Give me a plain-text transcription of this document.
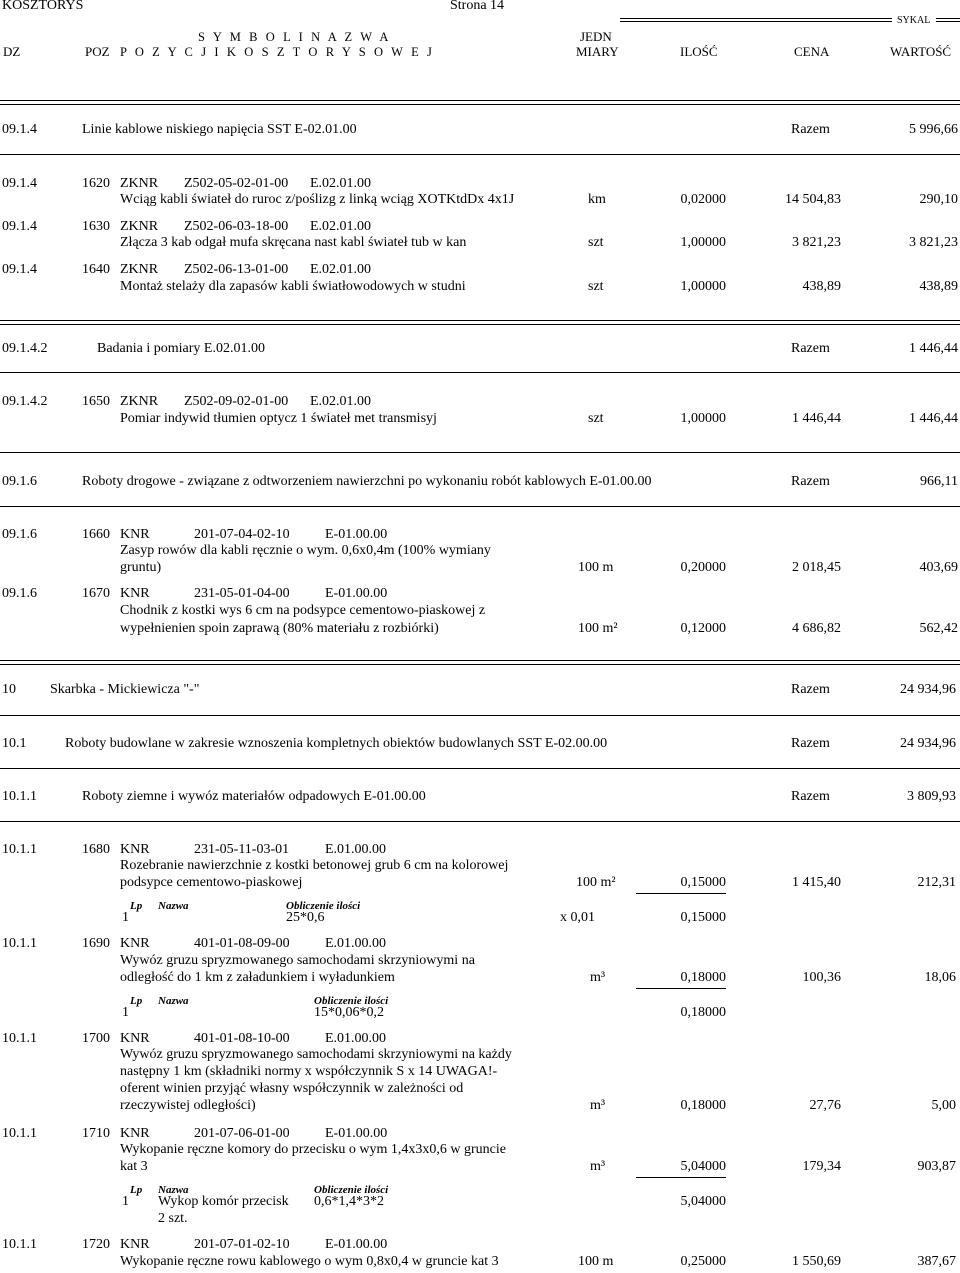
KOSZTORYS	Strona 14
SYKAL
S Y M B O L I N A Z W A
P O Z Y C J I K O S Z T O R Y S O W E J
DZ	POZ
JEDN
MIARY	ILOŚĆ	CENA	WARTOŚĆ
09.1.4	Linie kablowe niskiego napięcia SST E-02.01.00	Razem	5 996,66
09.1.4	1620 ZKNR Z502-05-02-01-00 E.02.01.00
Wciąg kabli świateł do ruroc z/poślizg z linką wciąg XOTKtdDx 4x1J	km	0,02000	14 504,83	290,10
09.1.4	1630 ZKNR Z502-06-03-18-00 E.02.01.00
Złącza 3 kab odgał mufa skręcana nast kabl świateł tub w kan	szt	1,00000	3 821,23	3 821,23
09.1.4	1640 ZKNR Z502-06-13-01-00 E.02.01.00
Montaż stelaży dla zapasów kabli światłowodowych w studni	szt	1,00000	438,89	438,89
09.1.4.2	Badania i pomiary E.02.01.00	Razem	1 446,44
09.1.4.2 1650 ZKNR Z502-09-02-01-00 E.02.01.00
Pomiar indywid tłumien optycz 1 świateł met transmisyj	szt	1,00000	1 446,44	1 446,44
09.1.6	Roboty drogowe - związane z odtworzeniem nawierzchni po wykonaniu robót kablowych E-01.00.00	Razem	966,11
09.1.6	1660 KNR	201-07-04-02-10	E-01.00.00
Zasyp rowów dla kabli ręcznie o wym. 0,6x0,4m (100% wymiany
gruntu)	100 m	0,20000	2 018,45	403,69
09.1.6	1670 KNR	231-05-01-04-00	E-01.00.00
Chodnik z kostki wys 6 cm na podsypce cementowo-piaskowej z
wypełnienien spoin zaprawą (80% materiału z rozbiórki)	100 m²	0,12000	4 686,82	562,42
10 Skarbka - Mickiewicza "-"	Razem	24 934,96
10.1	Roboty budowlane w zakresie wznoszenia kompletnych obiektów budowlanych SST E-02.00.00	Razem	24 934,96
10.1.1	Roboty ziemne i wywóz materiałów odpadowych E-01.00.00	Razem	3 809,93
10.1.1	1680 KNR	231-05-11-03-01	E.01.00.00
Rozebranie nawierzchnie z kostki betonowej grub 6 cm na kolorowej
podsypce cementowo-piaskowej	100 m²	0,15000	1 415,40	212,31
Lp Nazwa	Obliczenie ilości
1	25*0,6	x 0,01	0,15000
10.1.1	1690 KNR	401-01-08-09-00	E.01.00.00
Wywóz gruzu spryzmowanego samochodami skrzyniowymi na
odległość do 1 km z załadunkiem i wyładunkiem	m³	0,18000	100,36	18,06
Lp Nazwa	Obliczenie ilości
1	15*0,06*0,2	0,18000
10.1.1	1700 KNR	401-01-08-10-00	E.01.00.00
Wywóz gruzu spryzmowanego samochodami skrzyniowymi na każdy
następny 1 km (składniki normy x współczynnik S x 14 UWAGA!-
oferent winien przyjąć własny współczynnik w zależności od
rzeczywistej odległości)	m³	0,18000	27,76	5,00
10.1.1	1710 KNR	201-07-06-01-00	E-01.00.00
Wykopanie ręczne komory do przecisku o wym 1,4x3x0,6 w gruncie
kat 3	m³	5,04000	179,34	903,87
Lp Nazwa	Obliczenie ilości
1 Wykop komór przecisk
2 szt.
0,6*1,4*3*2	5,04000
10.1.1	1720 KNR	201-07-01-02-10	E-01.00.00
Wykopanie ręczne rowu kablowego o wym 0,8x0,4 w gruncie kat 3	100 m	0,25000	1 550,69	387,67
